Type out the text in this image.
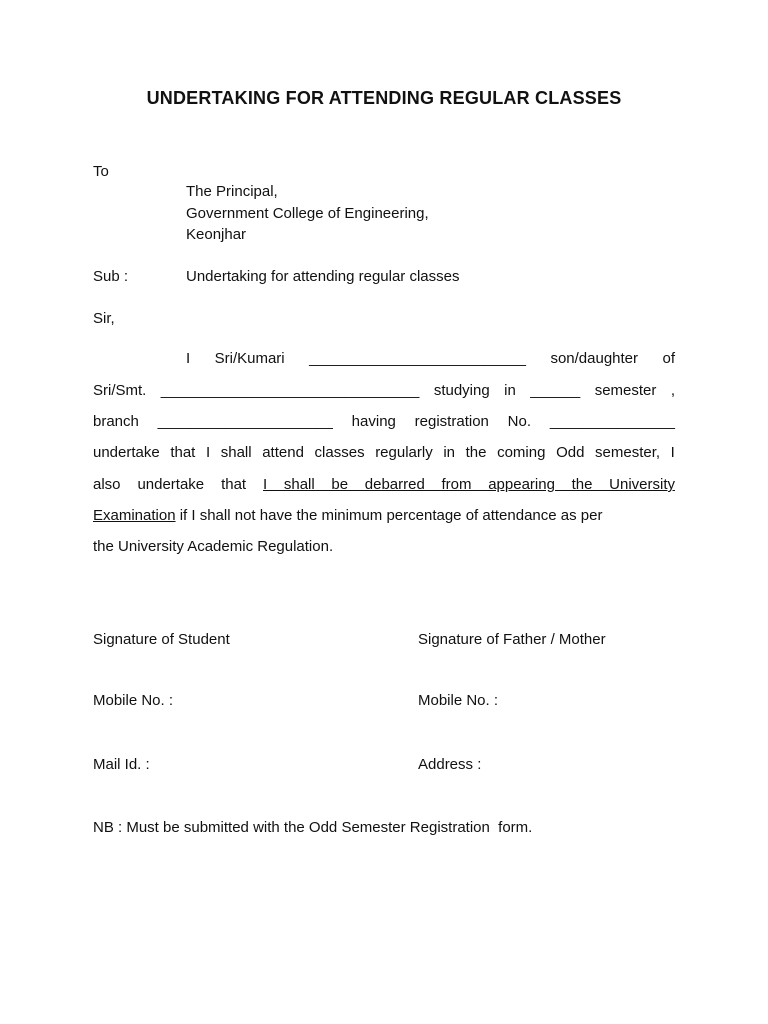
UNDERTAKING FOR ATTENDING REGULAR CLASSES
To
The Principal,
Government College of Engineering,
Keonjhar
Sub :	Undertaking for attending regular classes
Sir,
I Sri/Kumari __________________________ son/daughter of
Sri/Smt. _______________________________ studying in ______ semester ,
branch _____________________ having registration No. _______________
undertake that I shall attend classes regularly in the coming Odd semester, I
also undertake that I shall be debarred from appearing the University
Examination if I shall not have the minimum percentage of attendance as per
the University Academic Regulation.
Signature of Student	Signature of Father / Mother
Mobile No. :	Mobile No. :
Mail Id. :	Address :
NB : Must be submitted with the Odd Semester Registration  form.
